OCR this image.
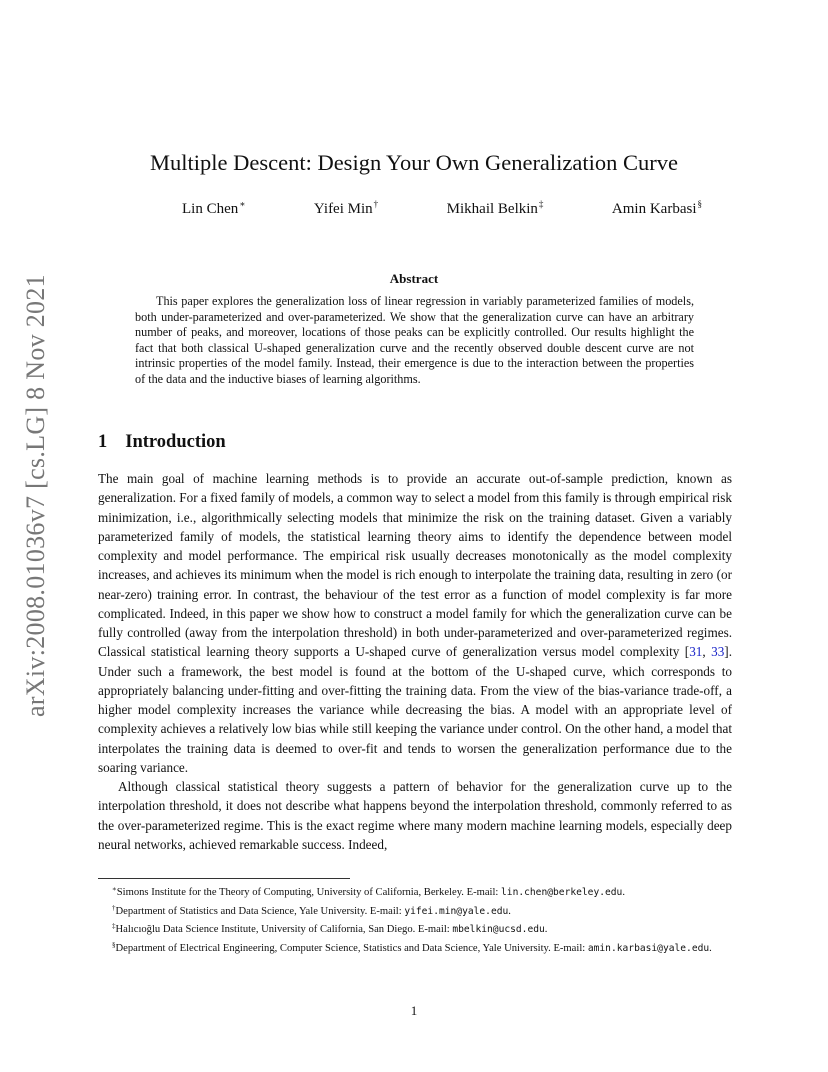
arXiv:2008.01036v7 [cs.LG] 8 Nov 2021
Multiple Descent: Design Your Own Generalization Curve
Lin Chen∗	Yifei Min†	Mikhail Belkin‡	Amin Karbasi§
Abstract

This paper explores the generalization loss of linear regression in variably parameterized families of models, both under-parameterized and over-parameterized. We show that the generalization curve can have an arbitrary number of peaks, and moreover, locations of those peaks can be explicitly controlled. Our results highlight the fact that both classical U-shaped generalization curve and the recently observed double descent curve are not intrinsic properties of the model family. Instead, their emergence is due to the interaction between the properties of the data and the inductive biases of learning algorithms.

1 Introduction

The main goal of machine learning methods is to provide an accurate out-of-sample prediction, known as generalization. For a fixed family of models, a common way to select a model from this family is through empirical risk minimization, i.e., algorithmically selecting models that minimize the risk on the training dataset. Given a variably parameterized family of models, the statistical learning theory aims to identify the dependence between model complexity and model performance. The empirical risk usually decreases monotonically as the model complexity increases, and achieves its minimum when the model is rich enough to interpolate the training data, resulting in zero (or near-zero) training error. In contrast, the behaviour of the test error as a function of model complexity is far more complicated. Indeed, in this paper we show how to construct a model family for which the generalization curve can be fully controlled (away from the interpolation threshold) in both under-parameterized and over-parameterized regimes. Classical statistical learning theory supports a U-shaped curve of generalization versus model complexity [31, 33]. Under such a framework, the best model is found at the bottom of the U-shaped curve, which corresponds to appropriately balancing under-fitting and over-fitting the training data. From the view of the bias-variance trade-off, a higher model complexity increases the variance while decreasing the bias. A model with an appropriate level of complexity achieves a relatively low bias while still keeping the variance under control. On the other hand, a model that interpolates the training data is deemed to over-fit and tends to worsen the generalization performance due to the soaring variance.

Although classical statistical theory suggests a pattern of behavior for the generalization curve up to the interpolation threshold, it does not describe what happens beyond the interpolation threshold, commonly referred to as the over-parameterized regime. This is the exact regime where many modern machine learning models, especially deep neural networks, achieved remarkable success. Indeed,

∗Simons Institute for the Theory of Computing, University of California, Berkeley. E-mail: lin.chen@berkeley.edu.

†Department of Statistics and Data Science, Yale University. E-mail: yifei.min@yale.edu.

‡Halıcıoğlu Data Science Institute, University of California, San Diego. E-mail: mbelkin@ucsd.edu.

§Department of Electrical Engineering, Computer Science, Statistics and Data Science, Yale University. E-mail: amin.karbasi@yale.edu.

1
